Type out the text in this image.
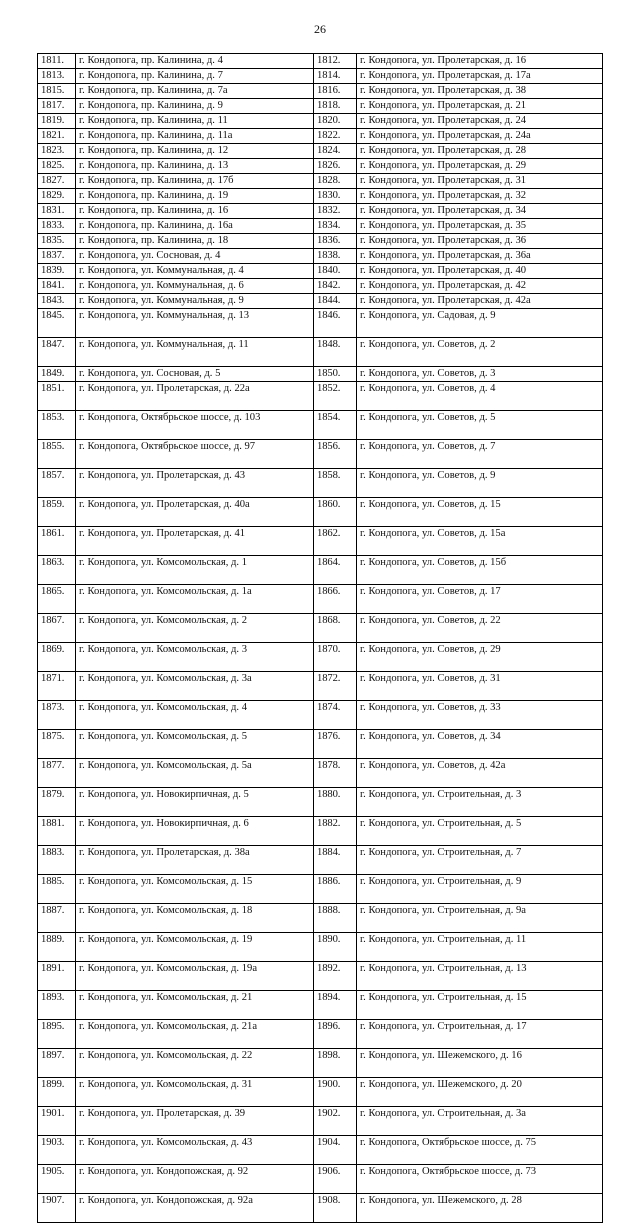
26
1811.	г. Кондопога, пр. Калинина, д. 4	1812.	г. Кондопога, ул. Пролетарская, д. 16
1813.	г. Кондопога, пр. Калинина, д. 7	1814.	г. Кондопога, ул. Пролетарская, д. 17а
1815.	г. Кондопога, пр. Калинина, д. 7а	1816.	г. Кондопога, ул. Пролетарская, д. 38
1817.	г. Кондопога, пр. Калинина, д. 9	1818.	г. Кондопога, ул. Пролетарская, д. 21
1819.	г. Кондопога, пр. Калинина, д. 11	1820.	г. Кондопога, ул. Пролетарская, д. 24
1821.	г. Кондопога, пр. Калинина, д. 11а	1822.	г. Кондопога, ул. Пролетарская, д. 24а
1823.	г. Кондопога, пр. Калинина, д. 12	1824.	г. Кондопога, ул. Пролетарская, д. 28
1825.	г. Кондопога, пр. Калинина, д. 13	1826.	г. Кондопога, ул. Пролетарская, д. 29
1827.	г. Кондопога, пр. Калинина, д. 17б	1828.	г. Кондопога, ул. Пролетарская, д. 31
1829.	г. Кондопога, пр. Калинина, д. 19	1830.	г. Кондопога, ул. Пролетарская, д. 32
1831.	г. Кондопога, пр. Калинина, д. 16	1832.	г. Кондопога, ул. Пролетарская, д. 34
1833.	г. Кондопога, пр. Калинина, д. 16а	1834.	г. Кондопога, ул. Пролетарская, д. 35
1835.	г. Кондопога, пр. Калинина, д. 18	1836.	г. Кондопога, ул. Пролетарская, д. 36
1837.	г. Кондопога, ул. Сосновая, д. 4	1838.	г. Кондопога, ул. Пролетарская, д. 36а
1839.	г. Кондопога, ул. Коммунальная, д. 4	1840.	г. Кондопога, ул. Пролетарская, д. 40
1841.	г. Кондопога, ул. Коммунальная, д. 6	1842.	г. Кондопога, ул. Пролетарская, д. 42
1843.	г. Кондопога, ул. Коммунальная, д. 9	1844.	г. Кондопога, ул. Пролетарская, д. 42а
1845.	г. Кондопога, ул. Коммунальная, д. 13	1846.	г. Кондопога, ул. Садовая, д. 9
1847.	г. Кондопога, ул. Коммунальная, д. 11	1848.	г. Кондопога, ул. Советов, д. 2
1849.	г. Кондопога, ул. Сосновая, д. 5	1850.	г. Кондопога, ул. Советов, д. 3
1851.	г. Кондопога, ул. Пролетарская, д. 22а	1852.	г. Кондопога, ул. Советов, д. 4
1853.	г. Кондопога, Октябрьское шоссе, д. 103	1854.	г. Кондопога, ул. Советов, д. 5
1855.	г. Кондопога, Октябрьское шоссе, д. 97	1856.	г. Кондопога, ул. Советов, д. 7
1857.	г. Кондопога, ул. Пролетарская, д. 43	1858.	г. Кондопога, ул. Советов, д. 9
1859.	г. Кондопога, ул. Пролетарская, д. 40а	1860.	г. Кондопога, ул. Советов, д. 15
1861.	г. Кондопога, ул. Пролетарская, д. 41	1862.	г. Кондопога, ул. Советов, д. 15а
1863.	г. Кондопога, ул. Комсомольская, д. 1	1864.	г. Кондопога, ул. Советов, д. 15б
1865.	г. Кондопога, ул. Комсомольская, д. 1а	1866.	г. Кондопога, ул. Советов, д. 17
1867.	г. Кондопога, ул. Комсомольская, д. 2	1868.	г. Кондопога, ул. Советов, д. 22
1869.	г. Кондопога, ул. Комсомольская, д. 3	1870.	г. Кондопога, ул. Советов, д. 29
1871.	г. Кондопога, ул. Комсомольская, д. 3а	1872.	г. Кондопога, ул. Советов, д. 31
1873.	г. Кондопога, ул. Комсомольская, д. 4	1874.	г. Кондопога, ул. Советов, д. 33
1875.	г. Кондопога, ул. Комсомольская, д. 5	1876.	г. Кондопога, ул. Советов, д. 34
1877.	г. Кондопога, ул. Комсомольская, д. 5а	1878.	г. Кондопога, ул. Советов, д. 42а
1879.	г. Кондопога, ул. Новокирпичная, д. 5	1880.	г. Кондопога, ул. Строительная, д. 3
1881.	г. Кондопога, ул. Новокирпичная, д. 6	1882.	г. Кондопога, ул. Строительная, д. 5
1883.	г. Кондопога, ул. Пролетарская, д. 38а	1884.	г. Кондопога, ул. Строительная, д. 7
1885.	г. Кондопога, ул. Комсомольская, д. 15	1886.	г. Кондопога, ул. Строительная, д. 9
1887.	г. Кондопога, ул. Комсомольская, д. 18	1888.	г. Кондопога, ул. Строительная, д. 9а
1889.	г. Кондопога, ул. Комсомольская, д. 19	1890.	г. Кондопога, ул. Строительная, д. 11
1891.	г. Кондопога, ул. Комсомольская, д. 19а	1892.	г. Кондопога, ул. Строительная, д. 13
1893.	г. Кондопога, ул. Комсомольская, д. 21	1894.	г. Кондопога, ул. Строительная, д. 15
1895.	г. Кондопога, ул. Комсомольская, д. 21а	1896.	г. Кондопога, ул. Строительная, д. 17
1897.	г. Кондопога, ул. Комсомольская, д. 22	1898.	г. Кондопога, ул. Шежемского, д. 16
1899.	г. Кондопога, ул. Комсомольская, д. 31	1900.	г. Кондопога, ул. Шежемского, д. 20
1901.	г. Кондопога, ул. Пролетарская, д. 39	1902.	г. Кондопога, ул. Строительная, д. 3а
1903.	г. Кондопога, ул. Комсомольская, д. 43	1904.	г. Кондопога, Октябрьское шоссе, д. 75
1905.	г. Кондопога, ул. Кондопожская, д. 92	1906.	г. Кондопога, Октябрьское шоссе, д. 73
1907.	г. Кондопога, ул. Кондопожская, д. 92а	1908.	г. Кондопога, ул. Шежемского, д. 28
